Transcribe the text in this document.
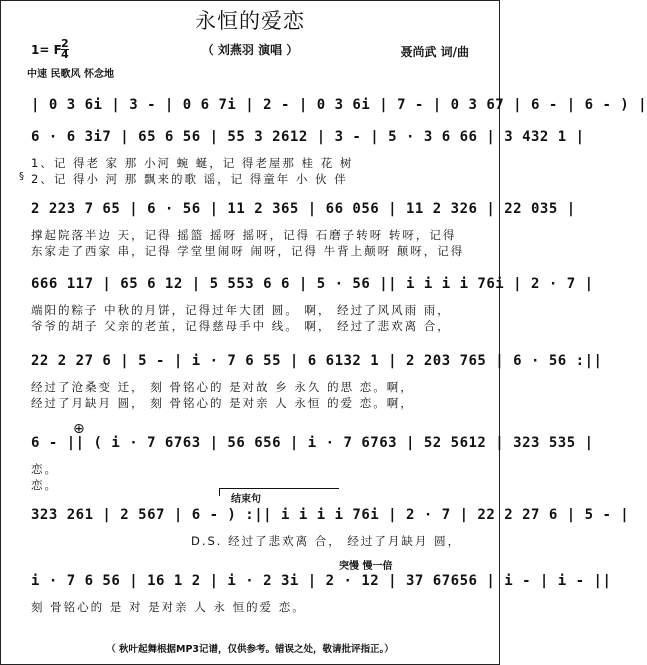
永恒的爱恋
（ 刘燕羽 演唱 ）
1= F $\frac{2}{4}$
中速 民歌风 怀念地
聂尚武 词/曲
| 0 3 6i | 3 - | 0 6 7i | 2 - | 0 3 6i | 7 - | 0 3 67 | 6 - | 6 - ) |
6 · 6 3i7 | 65 6 56 | 55 3 2612 | 3 - | 5 · 3 6 66 | 3 432 1 |
1、记 得老 家 那 小河 蜿 蜒，记 得老屋那 桂 花 树
§ 2、记 得小 河 那 飘来的歌 谣，记 得童年 小 伙 伴
2 223 7 65 | 6 · 56 | 11 2 365 | 66 056 | 11 2 326 | 22 035 |
撑起院落半边 天，记得 摇篮 摇呀 摇呀，记得 石磨子转呀 转呀，记得
东家走了西家 串，记得 学堂里闹呀 闹呀，记得 牛背上颠呀 颠呀，记得
666 117 | 65 6 12 | 5 553 6 6 | 5 · 56 || i i i i 76i | 2 · 7 |
端阳的粽子 中秋的月饼，记得过年大团 圆。 啊， 经过了风风雨 雨，
爷爷的胡子 父亲的老茧，记得慈母手中 线。 啊， 经过了悲欢离 合，
22 2 27 6 | 5 - | i · 7 6 55 | 6 6132 1 | 2 203 765 | 6 · 56 :||
经过了沧桑变 迁， 刻 骨铭心的 是对故 乡 永久 的思 恋。啊，
经过了月缺月 圆， 刻 骨铭心的 是对亲 人 永恒 的爱 恋。啊，
⊕
6 - || ( i · 7 6763 | 56 656 | i · 7 6763 | 52 5612 | 323 535 |
恋。
恋。
结束句
323 261 | 2 567 | 6 - ) :|| i i i i 76i | 2 · 7 | 22 2 27 6 | 5 - |
D.S. 经过了悲欢离 合， 经过了月缺月 圆，
突慢 慢一倍
i · 7 6 56 | 16 1 2 | i · 2 3i | 2 · 12 | 37 67656 | i - | i - ||
刻 骨铭心的 是 对 是对亲 人 永 恒的爱 恋。
（ 秋叶起舞根据MP3记谱，仅供参考。错误之处，敬请批评指正。）
